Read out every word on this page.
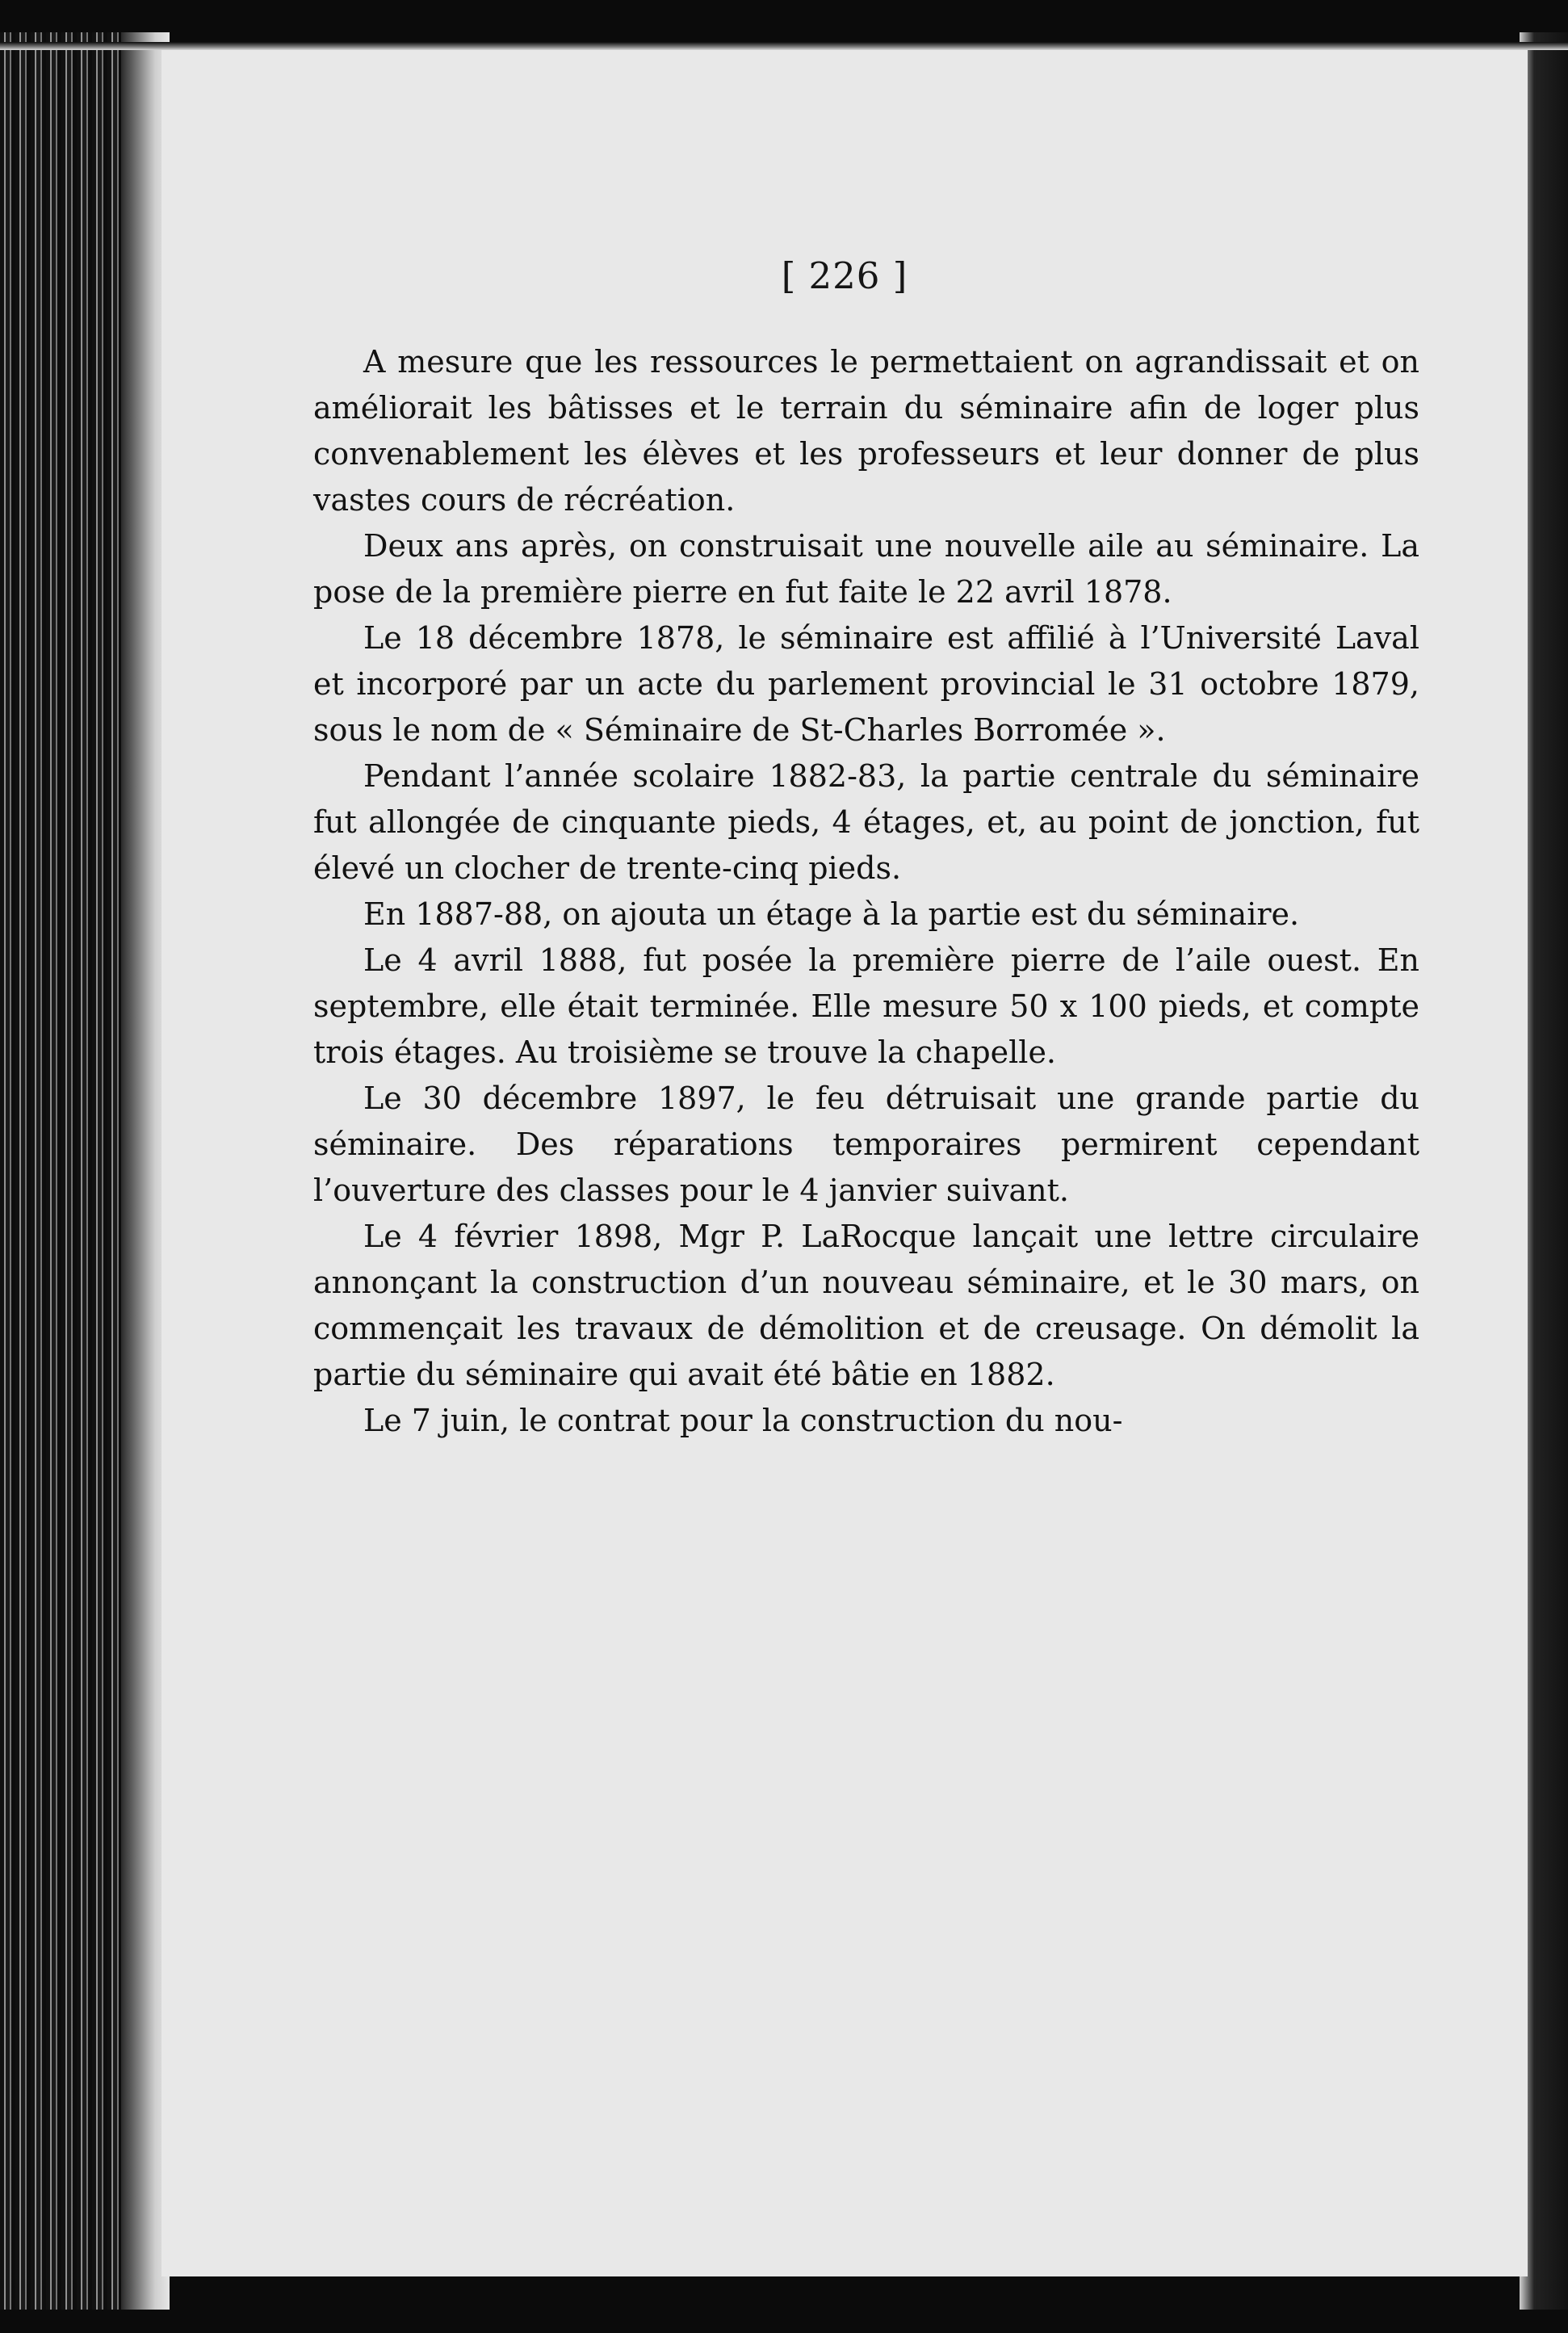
[ 226 ]

A mesure que les ressources le permettaient on agrandissait et on améliorait les bâtisses et le terrain du séminaire afin de loger plus convenablement les élèves et les professeurs et leur donner de plus vastes cours de récréation.

Deux ans après, on construisait une nouvelle aile au séminaire. La pose de la première pierre en fut faite le 22 avril 1878.

Le 18 décembre 1878, le séminaire est affilié à l’Université Laval et incorporé par un acte du parlement provincial le 31 octobre 1879, sous le nom de « Séminaire de St-Charles Borromée ».

Pendant l’année scolaire 1882-83, la partie centrale du séminaire fut allongée de cinquante pieds, 4 étages, et, au point de jonction, fut élevé un clocher de trente-cinq pieds.

En 1887-88, on ajouta un étage à la partie est du séminaire.

Le 4 avril 1888, fut posée la première pierre de l’aile ouest. En septembre, elle était terminée. Elle mesure 50 x 100 pieds, et compte trois étages. Au troisième se trouve la chapelle.

Le 30 décembre 1897, le feu détruisait une grande partie du séminaire. Des réparations temporaires permirent cependant l’ouverture des classes pour le 4 janvier suivant.

Le 4 février 1898, Mgr P. LaRocque lançait une lettre circulaire annonçant la construction d’un nouveau séminaire, et le 30 mars, on commençait les travaux de démolition et de creusage. On démolit la partie du séminaire qui avait été bâtie en 1882.

Le 7 juin, le contrat pour la construction du nou-
